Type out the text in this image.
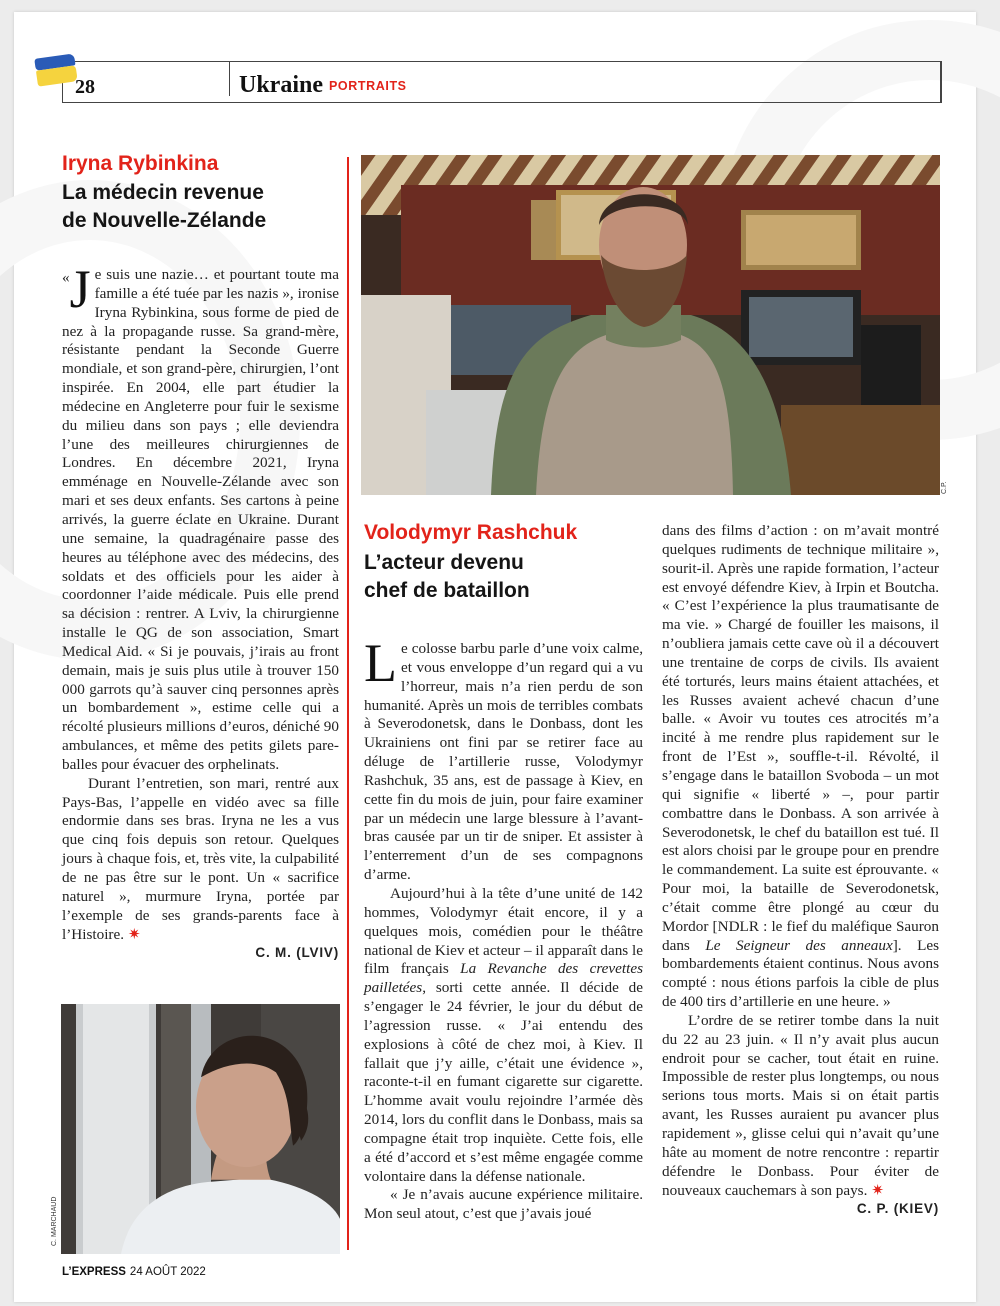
28	Ukraine PORTRAITS
Iryna Rybinkina
La médecin revenue
de Nouvelle-Zélande

« J e suis une nazie… et pourtant toute ma famille a été tuée par les nazis », ironise Iryna Rybinkina, sous forme de pied de nez à la propagande russe. Sa grand-mère, résistante pendant la Seconde Guerre mondiale, et son grand-père, chirurgien, l’ont inspirée. En 2004, elle part étudier la médecine en Angleterre pour fuir le sexisme du milieu dans son pays ; elle deviendra l’une des meilleures chirurgiennes de Londres. En décembre 2021, Iryna emménage en Nouvelle-Zélande avec son mari et ses deux enfants. Ses cartons à peine arrivés, la guerre éclate en Ukraine. Durant une semaine, la quadragénaire passe des heures au téléphone avec des médecins, des soldats et des officiels pour les aider à coordonner l’aide médicale. Puis elle prend sa décision : rentrer. A Lviv, la chirurgienne installe le QG de son association, Smart Medical Aid. « Si je pouvais, j’irais au front demain, mais je suis plus utile à trouver 150 000 garrots qu’à sauver cinq personnes après un bombardement », estime celle qui a récolté plusieurs millions d’euros, déniché 90 ambulances, et même des petits gilets pare-balles pour évacuer des orphelinats.

Durant l’entretien, son mari, rentré aux Pays-Bas, l’appelle en vidéo avec sa fille endormie dans ses bras. Iryna ne les a vus que cinq fois depuis son retour. Quelques jours à chaque fois, et, très vite, la culpabilité de ne pas être sur le pont. Un « sacrifice naturel », murmure Iryna, portée par l’exemple de ses grands-parents face à l’Histoire. ✷

C. M. (LVIV)
C. MARCHAUD
C.P.
Volodymyr Rashchuk
L’acteur devenu
chef de bataillon

Le colosse barbu parle d’une voix calme, et vous enveloppe d’un regard qui a vu l’horreur, mais n’a rien perdu de son humanité. Après un mois de terribles combats à Severodonetsk, dans le Donbass, dont les Ukrainiens ont fini par se retirer face au déluge de l’artillerie russe, Volodymyr Rashchuk, 35 ans, est de passage à Kiev, en cette fin du mois de juin, pour faire examiner par un médecin une large blessure à l’avant-bras causée par un tir de sniper. Et assister à l’enterrement d’un de ses compagnons d’arme.

Aujourd’hui à la tête d’une unité de 142 hommes, Volodymyr était encore, il y a quelques mois, comédien pour le théâtre national de Kiev et acteur – il apparaît dans le film français La Revanche des crevettes pailletées, sorti cette année. Il décide de s’engager le 24 février, le jour du début de l’agression russe. « J’ai entendu des explosions à côté de chez moi, à Kiev. Il fallait que j’y aille, c’était une évidence », raconte-t-il en fumant cigarette sur cigarette. L’homme avait voulu rejoindre l’armée dès 2014, lors du conflit dans le Donbass, mais sa compagne était trop inquiète. Cette fois, elle a été d’accord et s’est même engagée comme volontaire dans la défense nationale.

« Je n’avais aucune expérience militaire. Mon seul atout, c’est que j’avais joué

dans des films d’action : on m’avait montré quelques rudiments de technique militaire », sourit-il. Après une rapide formation, l’acteur est envoyé défendre Kiev, à Irpin et Boutcha. « C’est l’expérience la plus traumatisante de ma vie. » Chargé de fouiller les maisons, il n’oubliera jamais cette cave où il a découvert une trentaine de corps de civils. Ils avaient été torturés, leurs mains étaient attachées, et les Russes avaient achevé chacun d’une balle. « Avoir vu toutes ces atrocités m’a incité à me rendre plus rapidement sur le front de l’Est », souffle-t-il. Révolté, il s’engage dans le bataillon Svoboda – un mot qui signifie « liberté » –, pour partir combattre dans le Donbass. A son arrivée à Severodonetsk, le chef du bataillon est tué. Il est alors choisi par le groupe pour en prendre le commandement. La suite est éprouvante. « Pour moi, la bataille de Severodonetsk, c’était comme être plongé au cœur du Mordor [NDLR : le fief du maléfique Sauron dans Le Seigneur des anneaux]. Les bombardements étaient continus. Nous avons compté : nous étions parfois la cible de plus de 400 tirs d’artillerie en une heure. »

L’ordre de se retirer tombe dans la nuit du 22 au 23 juin. « Il n’y avait plus aucun endroit pour se cacher, tout était en ruine. Impossible de rester plus longtemps, ou nous serions tous morts. Mais si on était partis avant, les Russes auraient pu avancer plus rapidement », glisse celui qui n’avait qu’une hâte au moment de notre rencontre : repartir défendre le Donbass. Pour éviter de nouveaux cauchemars à son pays. ✷

C. P. (KIEV)
L’EXPRESS 24 AOÛT 2022
